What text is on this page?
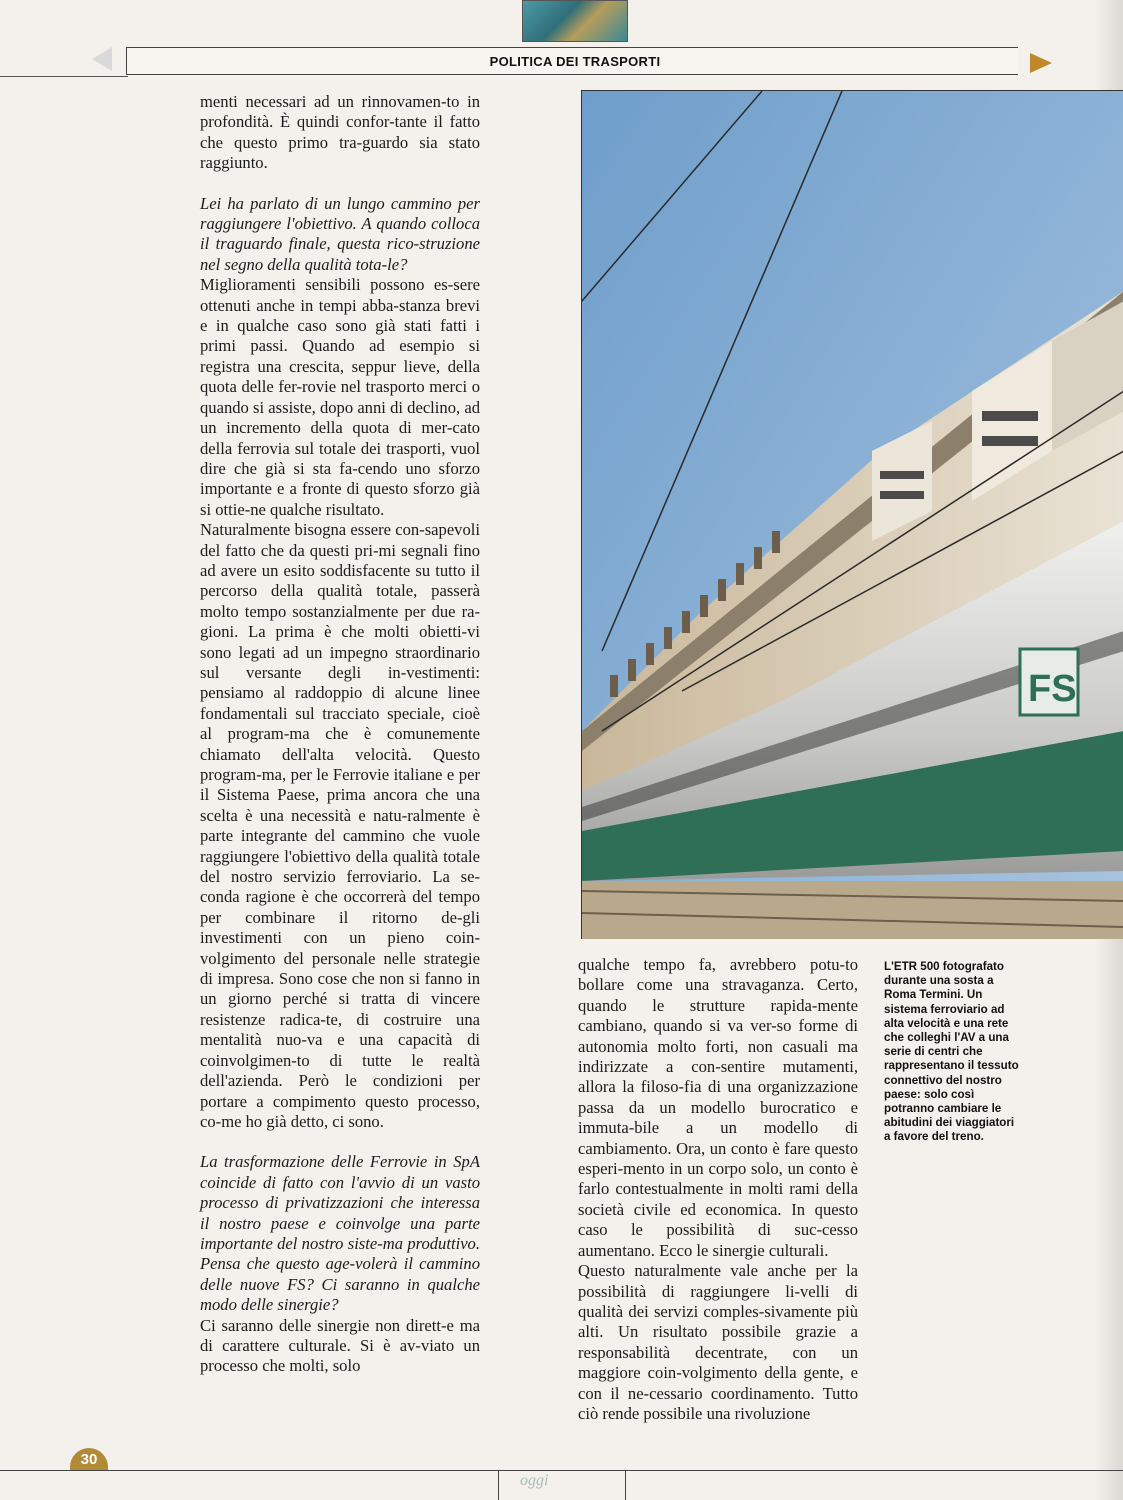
POLITICA DEI TRASPORTI

menti necessari ad un rinnovamen-to in profondità. È quindi confor-tante il fatto che questo primo tra-guardo sia stato raggiunto.

Lei ha parlato di un lungo cammino per raggiungere l'obiettivo. A quando colloca il traguardo finale, questa rico-struzione nel segno della qualità tota-le?

Miglioramenti sensibili possono es-sere ottenuti anche in tempi abba-stanza brevi e in qualche caso sono già stati fatti i primi passi. Quando ad esempio si registra una crescita, seppur lieve, della quota delle fer-rovie nel trasporto merci o quando si assiste, dopo anni di declino, ad un incremento della quota di mer-cato della ferrovia sul totale dei trasporti, vuol dire che già si sta fa-cendo uno sforzo importante e a fronte di questo sforzo già si ottie-ne qualche risultato.

Naturalmente bisogna essere con-sapevoli del fatto che da questi pri-mi segnali fino ad avere un esito soddisfacente su tutto il percorso della qualità totale, passerà molto tempo sostanzialmente per due ra-gioni. La prima è che molti obietti-vi sono legati ad un impegno straordinario sul versante degli in-vestimenti: pensiamo al raddoppio di alcune linee fondamentali sul tracciato speciale, cioè al program-ma che è comunemente chiamato dell'alta velocità. Questo program-ma, per le Ferrovie italiane e per il Sistema Paese, prima ancora che una scelta è una necessità e natu-ralmente è parte integrante del cammino che vuole raggiungere l'obiettivo della qualità totale del nostro servizio ferroviario. La se-conda ragione è che occorrerà del tempo per combinare il ritorno de-gli investimenti con un pieno coin-volgimento del personale nelle strategie di impresa. Sono cose che non si fanno in un giorno perché si tratta di vincere resistenze radica-te, di costruire una mentalità nuo-va e una capacità di coinvolgimen-to di tutte le realtà dell'azienda. Però le condizioni per portare a compimento questo processo, co-me ho già detto, ci sono.

La trasformazione delle Ferrovie in SpA coincide di fatto con l'avvio di un vasto processo di privatizzazioni che interessa il nostro paese e coinvolge una parte importante del nostro siste-ma produttivo. Pensa che questo age-volerà il cammino delle nuove FS? Ci saranno in qualche modo delle sinergie?

Ci saranno delle sinergie non dirett-e ma di carattere culturale. Si è av-viato un processo che molti, solo

FS

qualche tempo fa, avrebbero potu-to bollare come una stravaganza. Certo, quando le strutture rapida-mente cambiano, quando si va ver-so forme di autonomia molto forti, non casuali ma indirizzate a con-sentire mutamenti, allora la filoso-fia di una organizzazione passa da un modello burocratico e immuta-bile a un modello di cambiamento. Ora, un conto è fare questo esperi-mento in un corpo solo, un conto è farlo contestualmente in molti rami della società civile ed economica. In questo caso le possibilità di suc-cesso aumentano. Ecco le sinergie culturali.

Questo naturalmente vale anche per la possibilità di raggiungere li-velli di qualità dei servizi comples-sivamente più alti. Un risultato possibile grazie a responsabilità decentrate, con un maggiore coin-volgimento della gente, e con il ne-cessario coordinamento. Tutto ciò rende possibile una rivoluzione

L'ETR 500 fotografato durante una sosta a Roma Termini. Un sistema ferroviario ad alta velocità e una rete che colleghi l'AV a una serie di centri che rappresentano il tessuto connettivo del nostro paese: solo così potranno cambiare le abitudini dei viaggiatori a favore del treno.
oggi
30
